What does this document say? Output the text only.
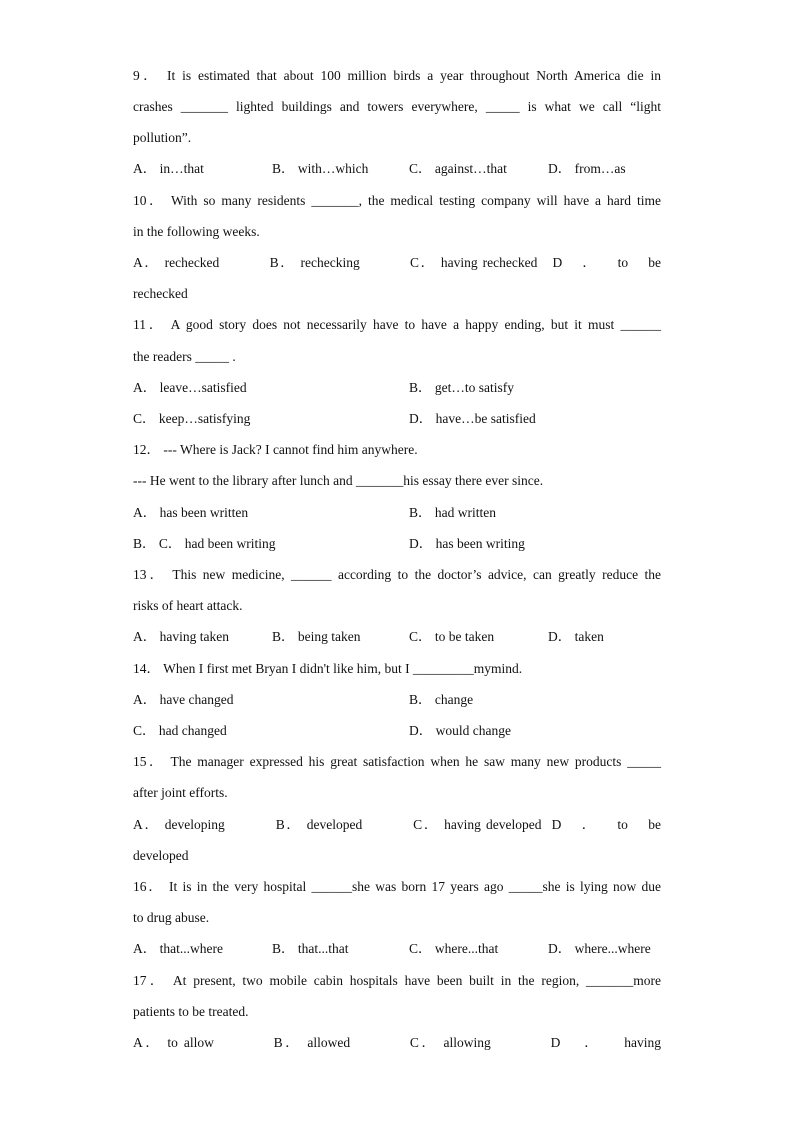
9． It is estimated that about 100 million birds a year throughout North America die in
crashes _______ lighted buildings and towers everywhere, _____ is what we call “light
pollution”.
A． in…that	B． with…which	C． against…that	D． from…as
10． With so many residents _______, the medical testing company will have a hard time
in the following weeks.
A． rechecked          B． rechecking          C． having rechecked   D    ．    to    be
rechecked
11． A good story does not necessarily have to have a happy ending, but it must ______
the readers _____ .
A． leave…satisfied	B． get…to satisfy
C． keep…satisfying	D． have…be satisfied
12． --- Where is Jack? I cannot find him anywhere.
--- He went to the library after lunch and _______his essay there ever since.
A． has been written	B． had written
B． C． had been writing	D． has been writing
13． This new medicine, ______ according to the doctor’s advice, can greatly reduce the
risks of heart attack.
A． having taken	B． being taken	C． to be taken	D． taken
14． When I first met Bryan I didn't like him, but I _________mymind.
A． have changed	B． change
C． had changed	D． would change
15． The manager expressed his great satisfaction when he saw many new products _____
after joint efforts.
A． developing          B． developed          C． having developed  D    ．    to    be
developed
16． It is in the very hospital ______she was born 17 years ago _____she is lying now due
to drug abuse.
A． that...where	B． that...that	C． where...that	D． where...where
17． At present, two mobile cabin hospitals have been built in the region, _______more
patients to be treated.
A． to allow          B． allowed          C． allowing          D    ．    having
